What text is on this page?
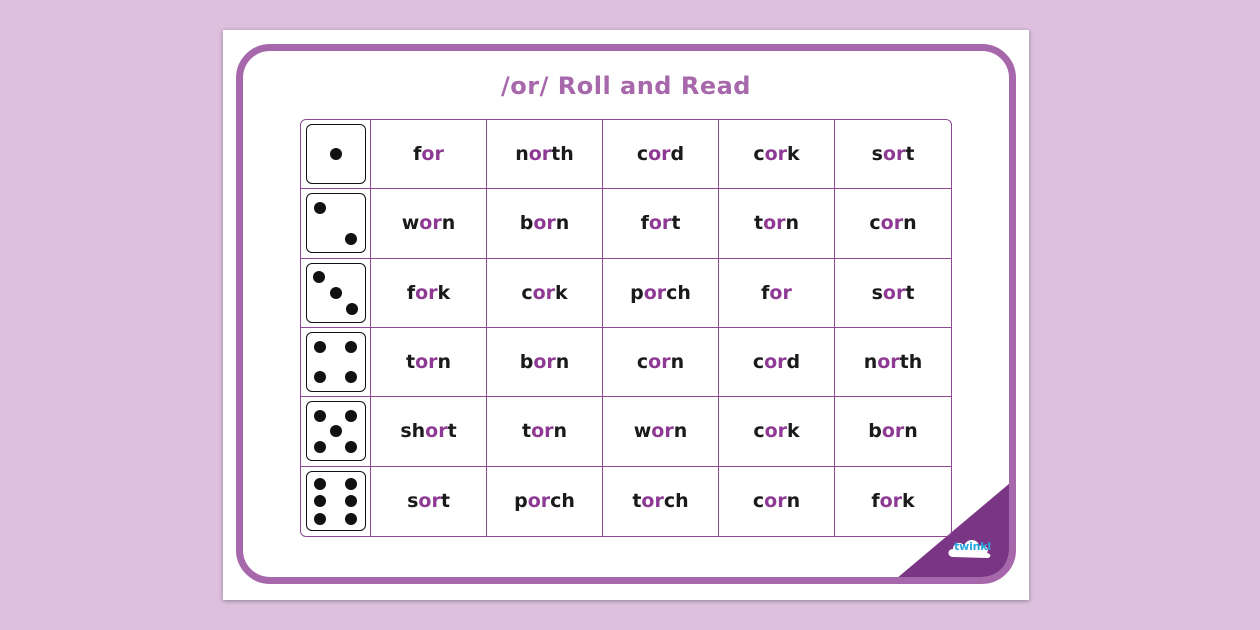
twinkl
/or/ Roll and Read
f or	n or th	c or d	c or k	s or t
w or n	b or n	f or t	t or n	c or n
f or k	c or k	p or ch	f or	s or t
t or n	b or n	c or n	c or d	n or th
sh or t	t or n	w or n	c or k	b or n
s or t	p or ch	t or ch	c or n	f or k
